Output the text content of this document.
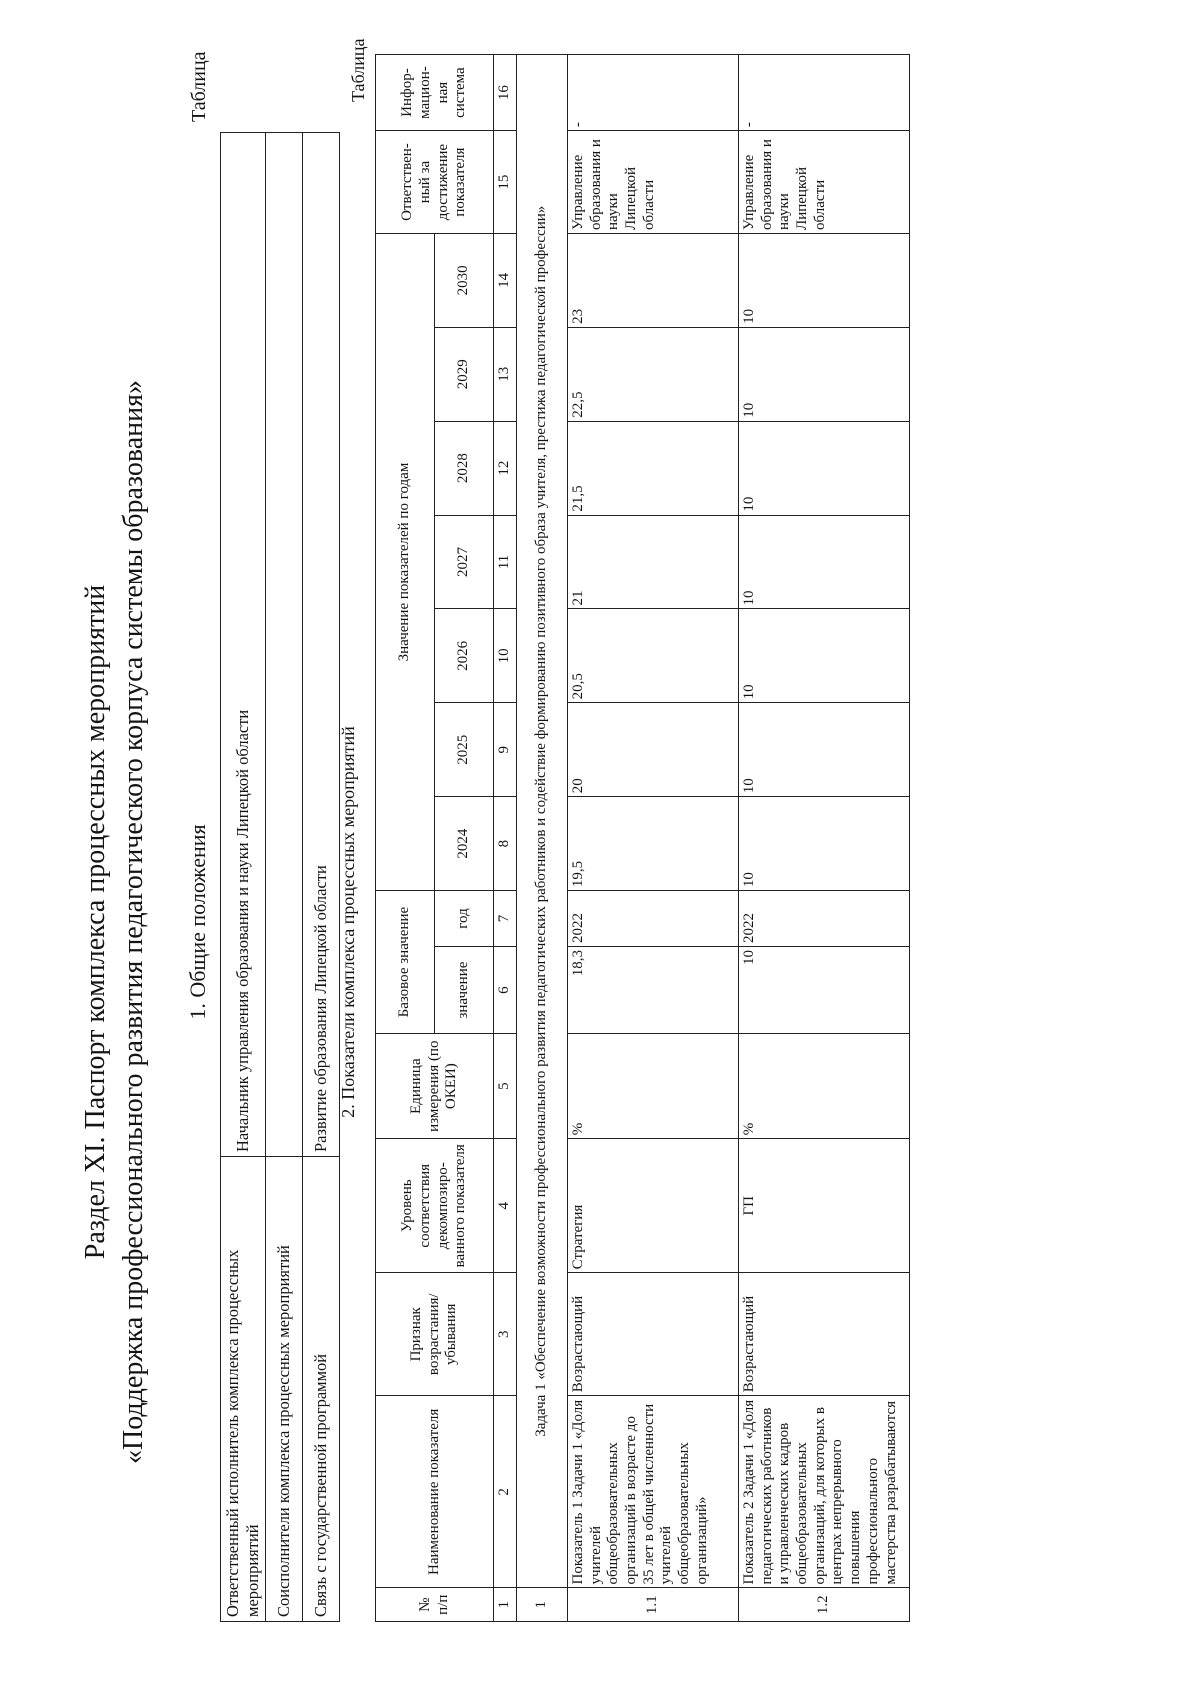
Раздел XI. Паспорт комплекса процессных мероприятий «Поддержка профессионального развития педагогического корпуса системы образования»
Таблица
1. Общие положения
Ответственный исполнитель комплекса процессных мероприятий	Начальник управления образования и науки Липецкой области
Соисполнители комплекса процессных мероприятий	
Связь с государственной программой	Развитие образования Липецкой области 2. Показатели комплекса процессных мероприятий
Таблица
№ п/п	Наименование показателя	Признак возрастания/ убывания	Уровень соответствия декомпозиро- ванного показателя	Единица измерения (по ОКЕИ)	Базовое значение		Значение показателей по годам							Ответствен- ный за достижение показателя	Инфор- мацион- ная система
					значение	год	2024	2025	2026	2027	2028	2029	2030		
1	2	3	4	5	6	7	8	9	10	11	12	13	14	15	16
1	Задача 1 «Обеспечение возможности профессионального развития педагогических работников и содействие формированию позитивного образа учителя, престижа педагогической профессии»														
1.1	Показатель 1 Задачи 1 «Доля учителей общеобразовательных организаций в возрасте до 35 лет в общей численности учителей общеобразовательных организаций»	Возрастающий	Стратегия	%	18,3	2022	19,5	20	20,5	21	21,5	22,5	23	Управление образования и науки Липецкой области	-
1.2	Показатель 2 Задачи 1 «Доля педагогических работников и управленческих кадров общеобразовательных организаций, для которых в центрах непрерывного повышения профессионального мастерства разрабатываются	Возрастающий	ГП	%	10	2022	10	10	10	10	10	10	10	Управление образования и науки Липецкой области	-
